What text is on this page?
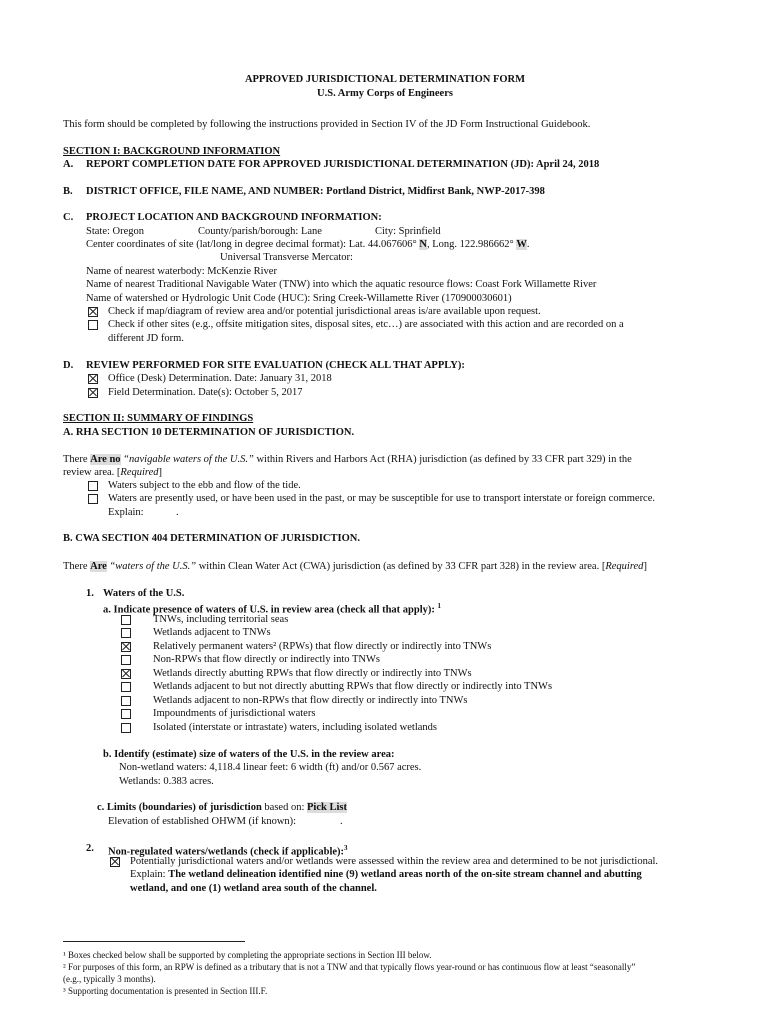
APPROVED JURISDICTIONAL DETERMINATION FORM
U.S. Army Corps of Engineers
This form should be completed by following the instructions provided in Section IV of the JD Form Instructional Guidebook.
SECTION I: BACKGROUND INFORMATION
A. REPORT COMPLETION DATE FOR APPROVED JURISDICTIONAL DETERMINATION (JD): April 24, 2018
B. DISTRICT OFFICE, FILE NAME, AND NUMBER: Portland District, Midfirst Bank, NWP-2017-398
C. PROJECT LOCATION AND BACKGROUND INFORMATION:
State: Oregon	County/parish/borough: Lane	City: Sprinfield
Center coordinates of site (lat/long in degree decimal format): Lat. 44.067606° N, Long. 122.986662° W.
Universal Transverse Mercator:
Name of nearest waterbody: McKenzie River
Name of nearest Traditional Navigable Water (TNW) into which the aquatic resource flows: Coast Fork Willamette River
Name of watershed or Hydrologic Unit Code (HUC): Sring Creek-Willamette River (170900030601)
Check if map/diagram of review area and/or potential jurisdictional areas is/are available upon request.
Check if other sites (e.g., offsite mitigation sites, disposal sites, etc…) are associated with this action and are recorded on a
different JD form.
D. REVIEW PERFORMED FOR SITE EVALUATION (CHECK ALL THAT APPLY):
Office (Desk) Determination. Date: January 31, 2018
Field Determination. Date(s): October 5, 2017
SECTION II: SUMMARY OF FINDINGS
A. RHA SECTION 10 DETERMINATION OF JURISDICTION.
There Are no “navigable waters of the U.S.” within Rivers and Harbors Act (RHA) jurisdiction (as defined by 33 CFR part 329) in the
review area. [Required]
Waters subject to the ebb and flow of the tide.
Waters are presently used, or have been used in the past, or may be susceptible for use to transport interstate or foreign commerce.
Explain:	.
B. CWA SECTION 404 DETERMINATION OF JURISDICTION.
There Are “waters of the U.S.” within Clean Water Act (CWA) jurisdiction (as defined by 33 CFR part 328) in the review area. [Required]
1. Waters of the U.S.
a. Indicate presence of waters of U.S. in review area (check all that apply): $^1$
TNWs, including territorial seas
Wetlands adjacent to TNWs
Relatively permanent waters² (RPWs) that flow directly or indirectly into TNWs
Non-RPWs that flow directly or indirectly into TNWs
Wetlands directly abutting RPWs that flow directly or indirectly into TNWs
Wetlands adjacent to but not directly abutting RPWs that flow directly or indirectly into TNWs
Wetlands adjacent to non-RPWs that flow directly or indirectly into TNWs
Impoundments of jurisdictional waters
Isolated (interstate or intrastate) waters, including isolated wetlands
b. Identify (estimate) size of waters of the U.S. in the review area:
Non-wetland waters: 4,118.4 linear feet: 6 width (ft) and/or 0.567 acres.
Wetlands: 0.383 acres.
c. Limits (boundaries) of jurisdiction based on: Pick List
Elevation of established OHWM (if known):	.
2. Non-regulated waters/wetlands (check if applicable):$^3$
Potentially jurisdictional waters and/or wetlands were assessed within the review area and determined to be not jurisdictional.
Explain: The wetland delineation identified nine (9) wetland areas north of the on-site stream channel and abutting
wetland, and one (1) wetland area south of the channel.
¹ Boxes checked below shall be supported by completing the appropriate sections in Section III below.
² For purposes of this form, an RPW is defined as a tributary that is not a TNW and that typically flows year-round or has continuous flow at least “seasonally”
(e.g., typically 3 months).
³ Supporting documentation is presented in Section III.F.
